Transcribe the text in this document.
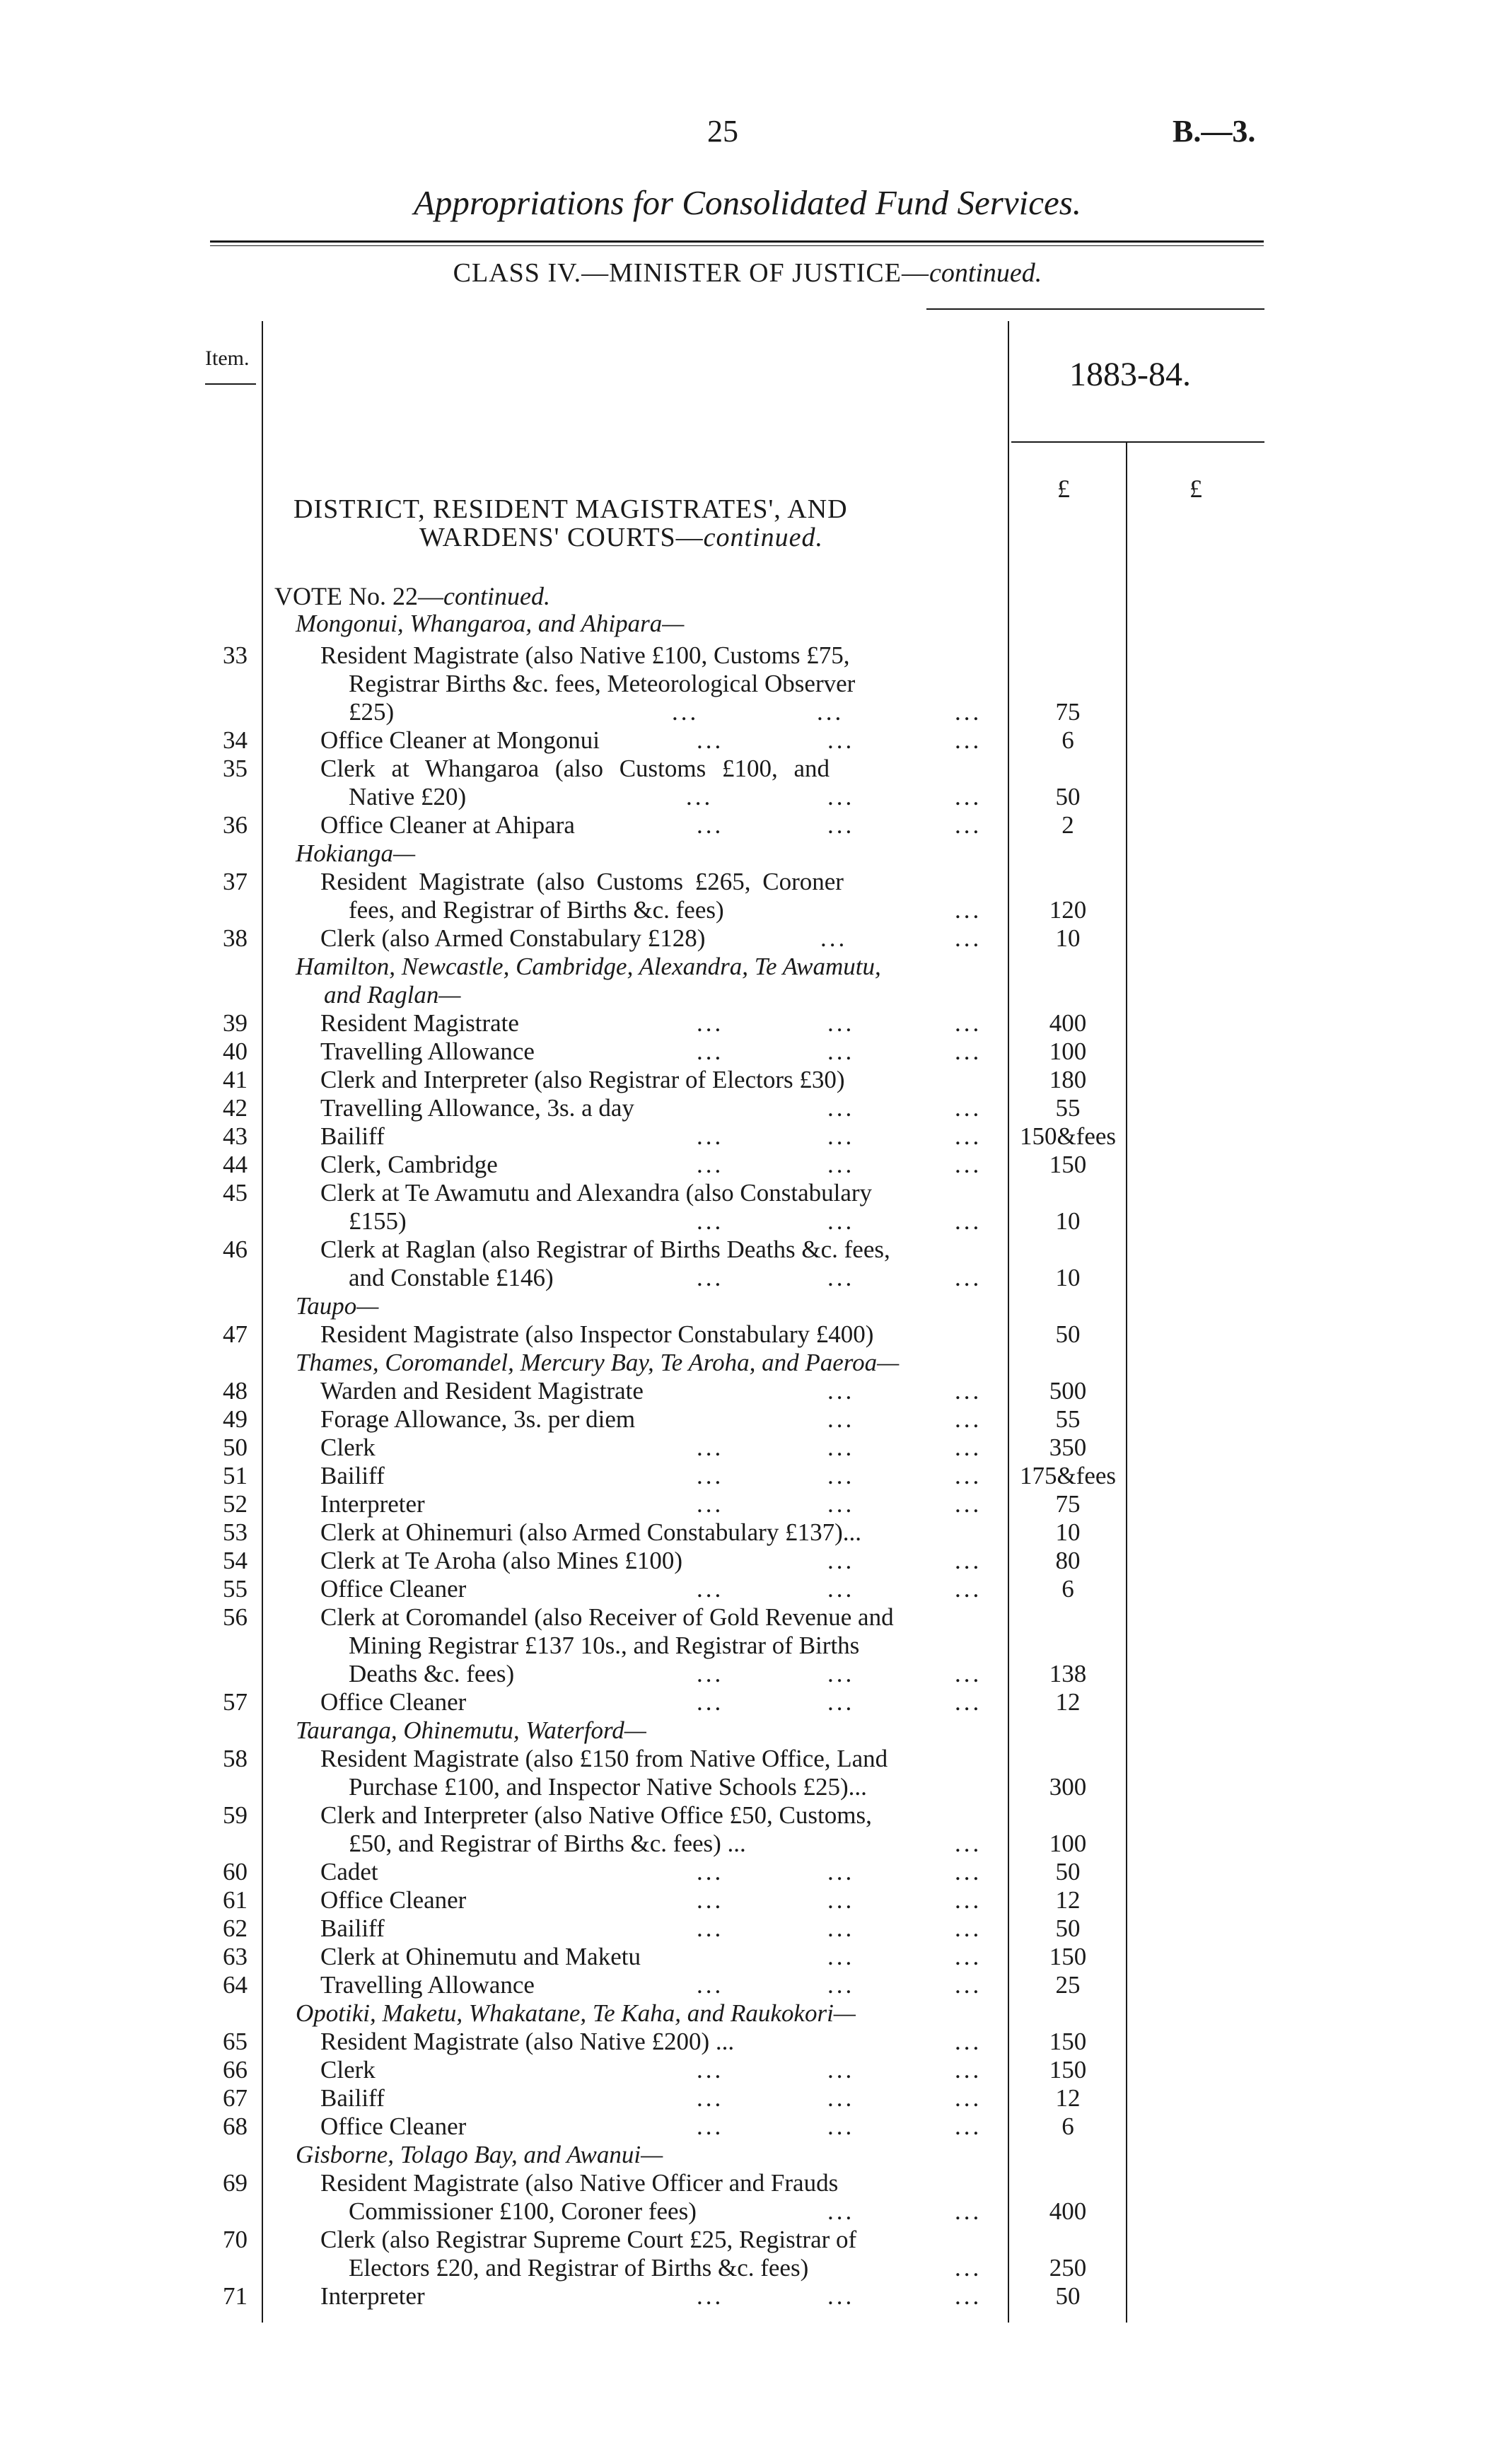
25	B.—3.
Appropriations for Consolidated Fund Services.
CLASS IV.—MINISTER OF JUSTICE—continued.
Item.	1883-84.
£	£
DISTRICT, RESIDENT MAGISTRATES', AND
WARDENS' COURTS—continued.
VOTE No. 22—continued.
Mongonui, Whangaroa, and Ahipara—
33	Resident Magistrate (also Native £100, Customs £75,
Registrar Births &c. fees, Meteorological Observer
£25)	...	...	...	75
34	Office Cleaner at Mongonui	...	...	...	6
35	Clerk at Whangaroa (also Customs £100, and
Native £20)	...	...	...	50
36	Office Cleaner at Ahipara	...	...	...	2
Hokianga—
37	Resident Magistrate (also Customs £265, Coroner
fees, and Registrar of Births &c. fees)	...	120
38	Clerk (also Armed Constabulary £128)	...	...	10
Hamilton, Newcastle, Cambridge, Alexandra, Te Awamutu,
and Raglan—
39	Resident Magistrate	...	...	...	400
40	Travelling Allowance	...	...	...	100
41	Clerk and Interpreter (also Registrar of Electors £30)	180
42	Travelling Allowance, 3s. a day	...	...	55
43	Bailiff	...	...	...	150&fees
44	Clerk, Cambridge	...	...	...	150
45	Clerk at Te Awamutu and Alexandra (also Constabulary
£155)	...	...	...	10
46	Clerk at Raglan (also Registrar of Births Deaths &c. fees,
and Constable £146)	...	...	...	10
Taupo—
47	Resident Magistrate (also Inspector Constabulary £400)	50
Thames, Coromandel, Mercury Bay, Te Aroha, and Paeroa—
48	Warden and Resident Magistrate	...	...	500
49	Forage Allowance, 3s. per diem	...	...	55
50	Clerk	...	...	...	350
51	Bailiff	...	...	...	175&fees
52	Interpreter	...	...	...	75
53	Clerk at Ohinemuri (also Armed Constabulary £137)...	10
54	Clerk at Te Aroha (also Mines £100)	...	...	80
55	Office Cleaner	...	...	...	6
56	Clerk at Coromandel (also Receiver of Gold Revenue and
Mining Registrar £137 10s., and Registrar of Births
Deaths &c. fees)	...	...	...	138
57	Office Cleaner	...	...	...	12
Tauranga, Ohinemutu, Waterford—
58	Resident Magistrate (also £150 from Native Office, Land
Purchase £100, and Inspector Native Schools £25)...	300
59	Clerk and Interpreter (also Native Office £50, Customs,
£50, and Registrar of Births &c. fees) ...	...	100
60	Cadet	...	...	...	50
61	Office Cleaner	...	...	...	12
62	Bailiff	...	...	...	50
63	Clerk at Ohinemutu and Maketu	...	...	150
64	Travelling Allowance	...	...	...	25
Opotiki, Maketu, Whakatane, Te Kaha, and Raukokori—
65	Resident Magistrate (also Native £200) ...	...	150
66	Clerk	...	...	...	150
67	Bailiff	...	...	...	12
68	Office Cleaner	...	...	...	6
Gisborne, Tolago Bay, and Awanui—
69	Resident Magistrate (also Native Officer and Frauds
Commissioner £100, Coroner fees)	...	...	400
70	Clerk (also Registrar Supreme Court £25, Registrar of
Electors £20, and Registrar of Births &c. fees)	...	250
71	Interpreter	...	...	...	50
